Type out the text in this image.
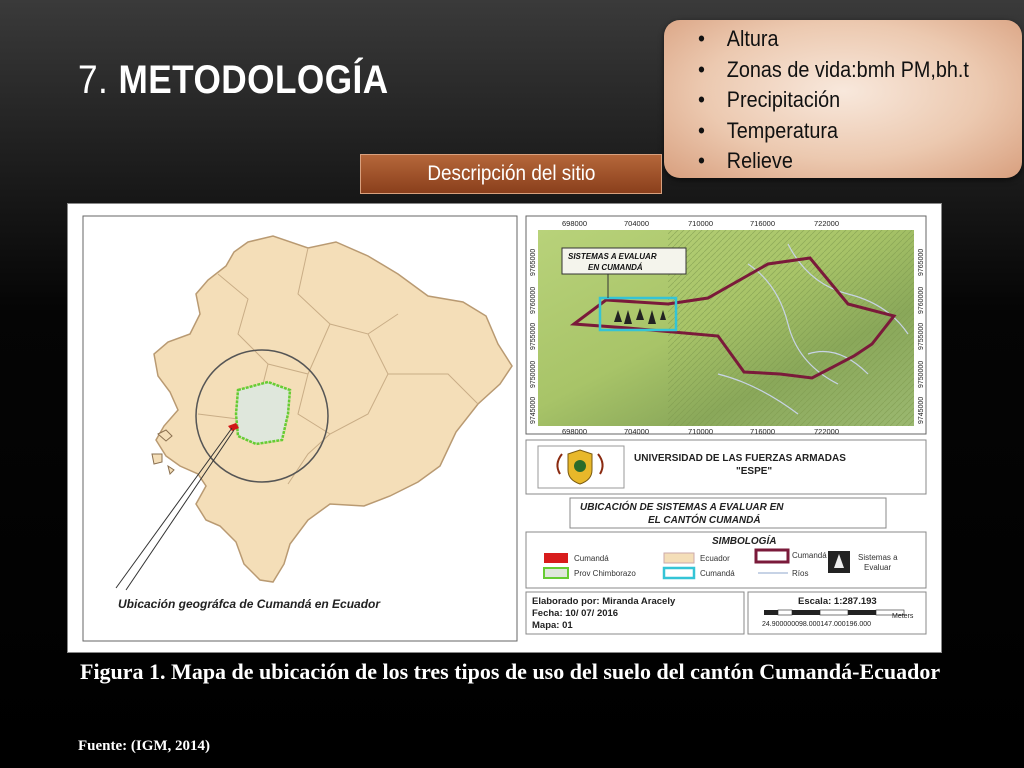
7. METODOLOGÍA
• Altura
• Zonas de vida:bmh PM,bh.t
• Precipitación
• Temperatura
• Relieve
Descripción del sitio
Ubicación geográfca de Cumandá en Ecuador
SISTEMAS A EVALUAR
EN CUMANDÁ
698000	704000	710000	716000	722000
698000	704000	710000	716000	722000
9765000
9760000
9755000
9750000
9745000
9765000
9760000
9755000
9750000
9745000
UNIVERSIDAD DE LAS FUERZAS ARMADAS
"ESPE"
UBICACIÓN DE SISTEMAS A EVALUAR EN
EL CANTÓN CUMANDÁ
SIMBOLOGÍA
Cumandá	Ecuador	Cumandá	Sistemas a
Evaluar
Prov Chimborazo	Cumandá	Ríos
Elaborado por: Miranda Aracely
Fecha: 10/ 07/ 2016
Mapa: 01
Escala: 1:287.193
Meters
24.900000098.000147.000196.000
Figura 1. Mapa de ubicación de los tres tipos de uso del suelo del cantón Cumandá-Ecuador
Fuente: (IGM, 2014)
